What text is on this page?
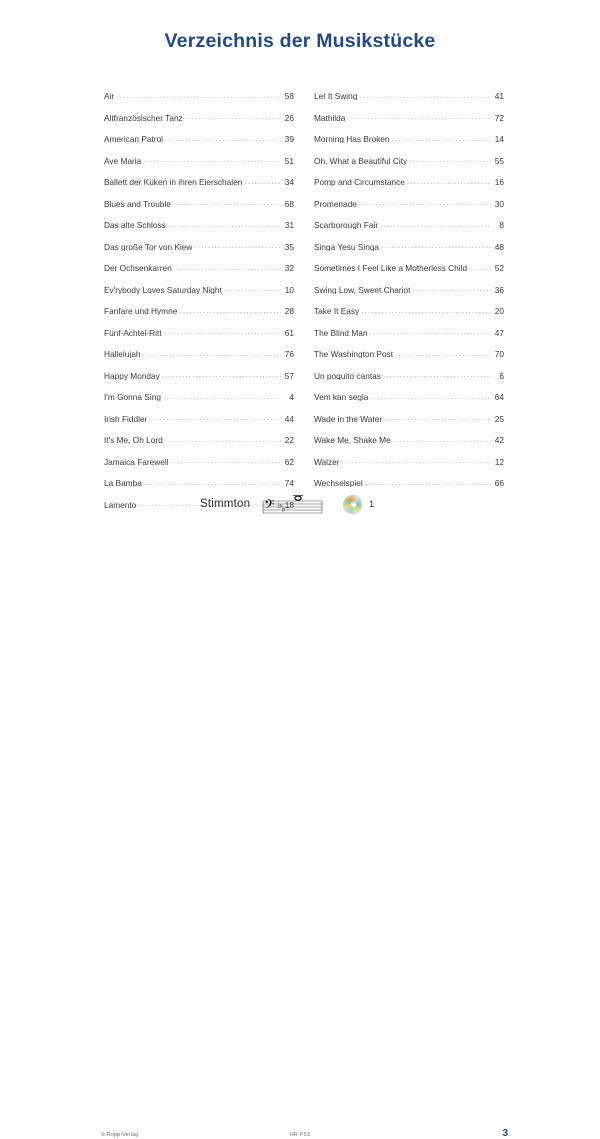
Verzeichnis der Musikstücke
Air .....	58
Altfranzösischer Tanz .....	26
American Patrol .....	39
Ave Maria .....	51
Ballett der Küken in ihren Eierschalen .....	34
Blues and Trouble .....	68
Das alte Schloss .....	31
Das große Tor von Kiew .....	35
Der Ochsenkarren .....	32
Ev'rybody Loves Saturday Night .....	10
Fanfare und Hymne .....	28
Fünf-Achtel-Ritt .....	61
Hallelujah .....	76
Happy Monday .....	57
I'm Gonna Sing .....	4
Irish Fiddler .....	44
It's Me, Oh Lord .....	22
Jamaica Farewell .....	62
La Bamba .....	74
Lamento .....	18
Let It Swing .....	41
Mathilda .....	72
Morning Has Broken .....	14
Oh, What a Beautiful City .....	55
Pomp and Circumstance .....	16
Promenade .....	30
Scarborough Fair .....	8
Singa Yesu Singa .....	48
Sometimes I Feel Like a Motherless Child .....	52
Swing Low, Sweet Chariot .....	36
Take It Easy .....	20
The Blind Man .....	47
The Washington Post .....	70
Un poquito cantas .....	6
Vem kan segla .....	64
Wade in the Water .....	25
Wake Me, Shake Me .....	42
Walzer .....	12
Wechselspiel .....	66
Stimmton 𝄢 ♭ ♭
1
© Ropp-Verlag	HR-P53	3
